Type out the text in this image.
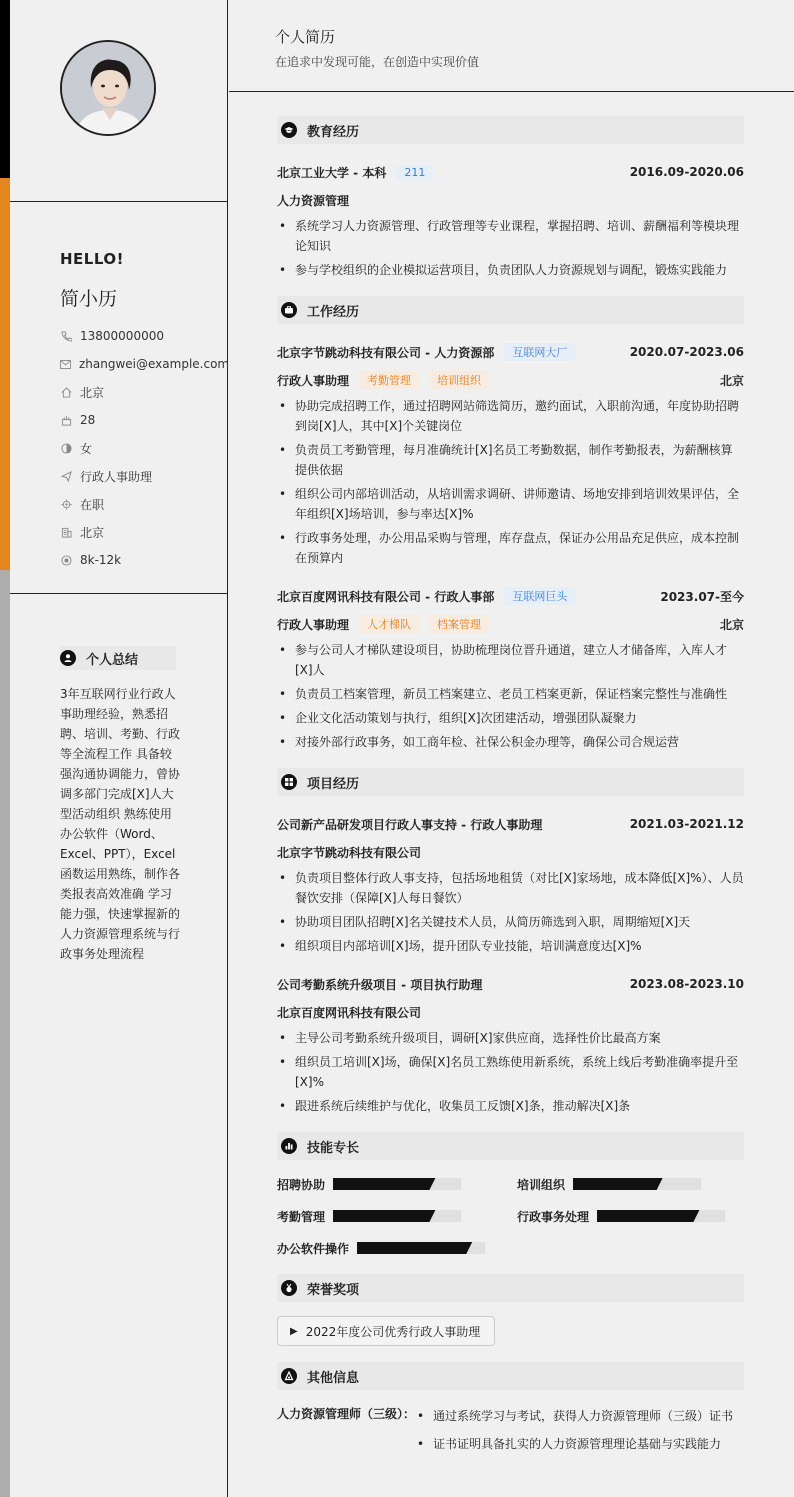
HELLO!
简小历
13800000000
zhangwei@example.com
北京
28
女
行政人事助理
在职
北京
8k-12k
个人总结
3年互联网行业行政人事助理经验，熟悉招聘、培训、考勤、行政等全流程工作 具备较强沟通协调能力，曾协调多部门完成[X]人大型活动组织 熟练使用办公软件（Word、Excel、PPT），Excel函数运用熟练，制作各类报表高效准确 学习能力强，快速掌握新的人力资源管理系统与行政事务处理流程
个人简历
在追求中发现可能，在创造中实现价值
教育经历
北京工业大学 - 本科	211	2016.09-2020.06
人力资源管理
• 系统学习人力资源管理、行政管理等专业课程，掌握招聘、培训、薪酬福利等模块理论知识
• 参与学校组织的企业模拟运营项目，负责团队人力资源规划与调配，锻炼实践能力
工作经历
北京字节跳动科技有限公司 - 人力资源部	互联网大厂	2020.07-2023.06
行政人事助理	考勤管理	培训组织	北京
• 协助完成招聘工作，通过招聘网站筛选简历，邀约面试，入职前沟通，年度协助招聘到岗[X]人，其中[X]个关键岗位
• 负责员工考勤管理，每月准确统计[X]名员工考勤数据，制作考勤报表，为薪酬核算提供依据
• 组织公司内部培训活动，从培训需求调研、讲师邀请、场地安排到培训效果评估，全年组织[X]场培训，参与率达[X]%
• 行政事务处理，办公用品采购与管理，库存盘点，保证办公用品充足供应，成本控制在预算内
北京百度网讯科技有限公司 - 行政人事部	互联网巨头	2023.07-至今
行政人事助理	人才梯队	档案管理	北京
• 参与公司人才梯队建设项目，协助梳理岗位晋升通道，建立人才储备库，入库人才[X]人
• 负责员工档案管理，新员工档案建立、老员工档案更新，保证档案完整性与准确性
• 企业文化活动策划与执行，组织[X]次团建活动，增强团队凝聚力
• 对接外部行政事务，如工商年检、社保公积金办理等，确保公司合规运营
项目经历
公司新产品研发项目行政人事支持 - 行政人事助理	2021.03-2021.12
北京字节跳动科技有限公司
• 负责项目整体行政人事支持，包括场地租赁（对比[X]家场地，成本降低[X]%）、人员餐饮安排（保障[X]人每日餐饮）
• 协助项目团队招聘[X]名关键技术人员，从简历筛选到入职，周期缩短[X]天
• 组织项目内部培训[X]场，提升团队专业技能，培训满意度达[X]%
公司考勤系统升级项目 - 项目执行助理	2023.08-2023.10
北京百度网讯科技有限公司
• 主导公司考勤系统升级项目，调研[X]家供应商，选择性价比最高方案
• 组织员工培训[X]场，确保[X]名员工熟练使用新系统，系统上线后考勤准确率提升至[X]%
• 跟进系统后续维护与优化，收集员工反馈[X]条，推动解决[X]条
技能专长
招聘协助	培训组织
考勤管理	行政事务处理
办公软件操作
荣誉奖项
▶ 2022年度公司优秀行政人事助理
其他信息
人力资源管理师（三级）：
•	通过系统学习与考试，获得人力资源管理师（三级）证书
• 证书证明具备扎实的人力资源管理理论基础与实践能力
